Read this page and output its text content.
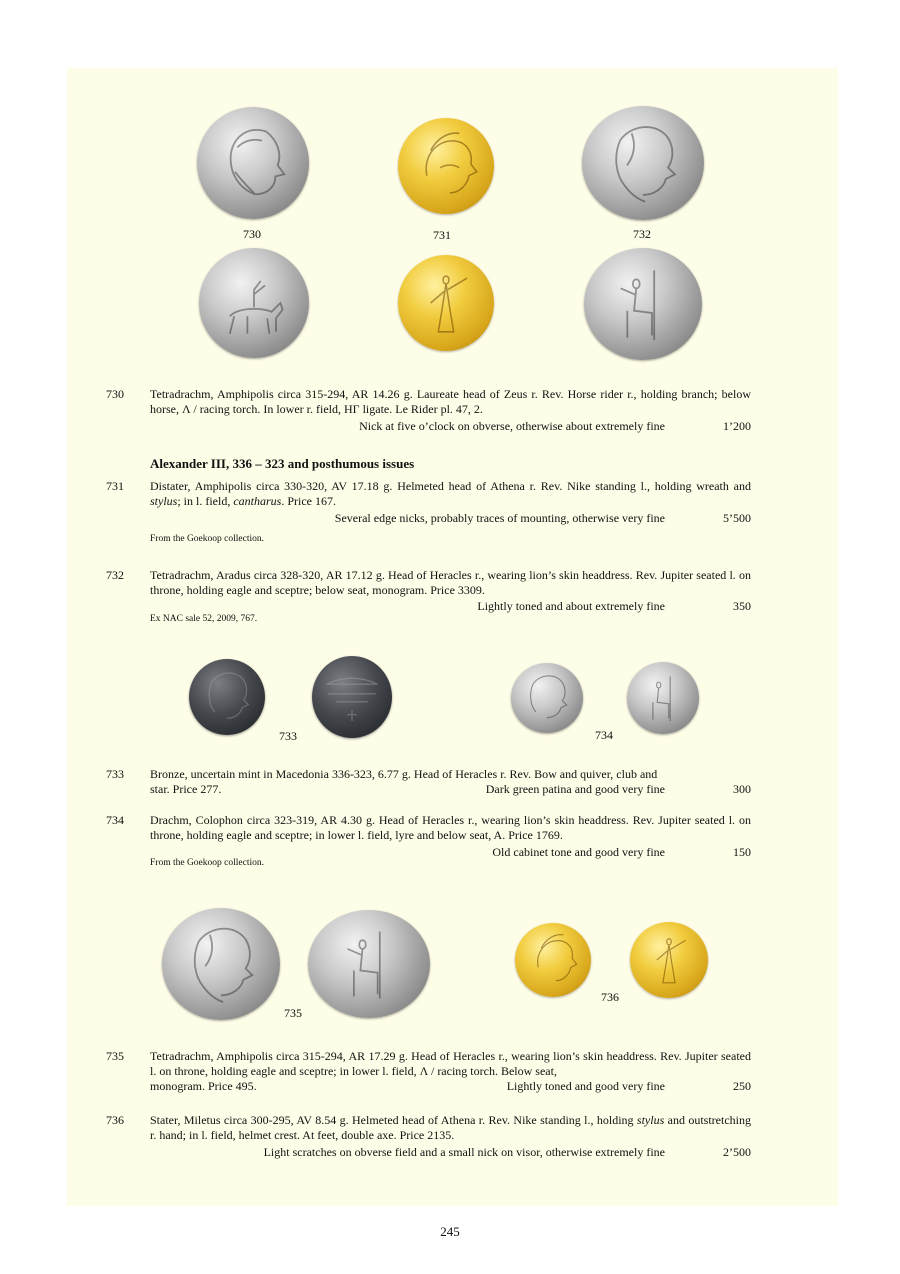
730	731	732
730 Tetradrachm, Amphipolis circa 315-294, AR 14.26 g. Laureate head of Zeus r. Rev. Horse rider r., holding branch; below horse, Λ / racing torch. In lower r. field, HΓ ligate. Le Rider pl. 47, 2.
Nick at five o’clock on obverse, otherwise about extremely fine	1’200
Alexander III, 336 – 323 and posthumous issues
731 Distater, Amphipolis circa 330-320, AV 17.18 g. Helmeted head of Athena r. Rev. Nike standing l., holding wreath and stylus; in l. field, cantharus. Price 167.
Several edge nicks, probably traces of mounting, otherwise very fine	5’500
From the Goekoop collection.
732 Tetradrachm, Aradus circa 328-320, AR 17.12 g. Head of Heracles r., wearing lion’s skin headdress. Rev. Jupiter seated l. on throne, holding eagle and sceptre; below seat, monogram. Price 3309.
Lightly toned and about extremely fine	350
Ex NAC sale 52, 2009, 767.
733	734
733 Bronze, uncertain mint in Macedonia 336-323, 6.77 g. Head of Heracles r. Rev. Bow and quiver, club and
star. Price 277.	Dark green patina and good very fine	300
734 Drachm, Colophon circa 323-319, AR 4.30 g. Head of Heracles r., wearing lion’s skin headdress. Rev. Jupiter seated l. on throne, holding eagle and sceptre; in lower l. field, lyre and below seat, A. Price 1769.
Old cabinet tone and good very fine	150
From the Goekoop collection.
735
736
735 Tetradrachm, Amphipolis circa 315-294, AR 17.29 g. Head of Heracles r., wearing lion’s skin headdress. Rev. Jupiter seated l. on throne, holding eagle and sceptre; in lower l. field, Λ / racing torch. Below seat,
monogram. Price 495.	Lightly toned and good very fine	250
736 Stater, Miletus circa 300-295, AV 8.54 g. Helmeted head of Athena r. Rev. Nike standing l., holding stylus and outstretching r. hand; in l. field, helmet crest. At feet, double axe. Price 2135.
Light scratches on obverse field and a small nick on visor, otherwise extremely fine	2’500
245
